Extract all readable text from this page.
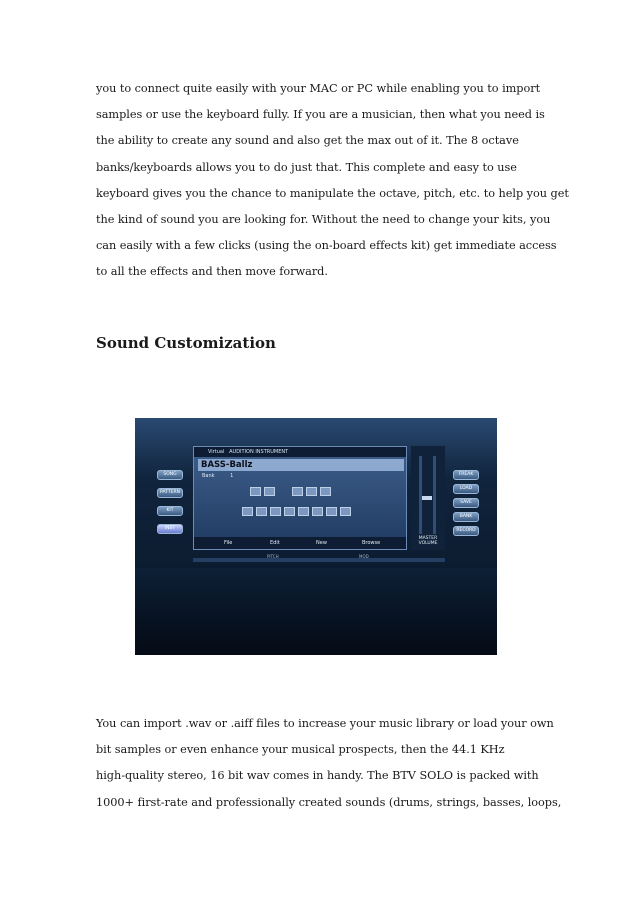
you to connect quite easily with your MAC or PC while enabling you to import
samples or use the keyboard fully. If you are a musician, then what you need is
the ability to create any sound and also get the max out of it. The 8 octave
banks/keyboards allows you to do just that. This complete and easy to use
keyboard gives you the chance to manipulate the octave, pitch, etc. to help you get
the kind of sound you are looking for. Without the need to change your kits, you
can easily with a few clicks (using the on-board effects kit) get immediate access
to all the effects and then move forward.
Sound Customization
SONG
PATTERN
KIT
INST
Virtual AUDITION INSTRUMENT
BASS-Ballz
Bank	1
File	Edit	New	Browse
MASTER VOLUME
FREAK
LOAD
SAVE
BANK
RECORD
PITCH	MOD
You can import .wav or .aiff files to increase your music library or load your own
bit samples or even enhance your musical prospects, then the 44.1 KHz
high-quality stereo, 16 bit wav comes in handy. The BTV SOLO is packed with
1000+ first-rate and professionally created sounds (drums, strings, basses, loops,
